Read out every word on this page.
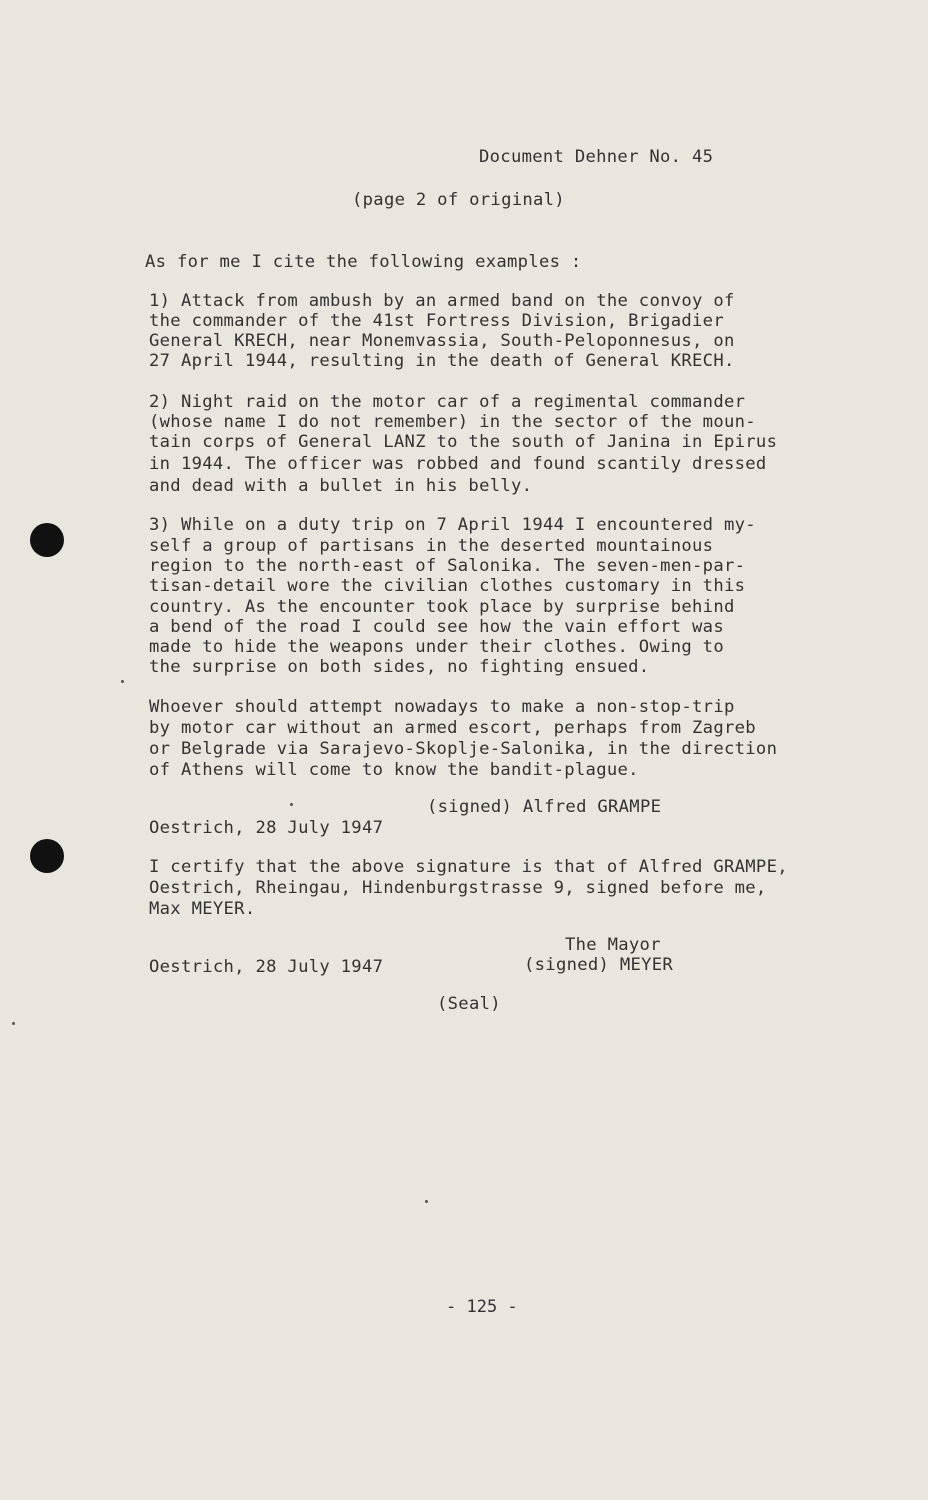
Document Dehner No. 45
(page 2 of original)
As for me I cite the following examples :
1) Attack from ambush by an armed band on the convoy of
the commander of the 41st Fortress Division, Brigadier
General KRECH, near Monemvassia, South-Peloponnesus, on
27 April 1944, resulting in the death of General KRECH.
2) Night raid on the motor car of a regimental commander
(whose name I do not remember) in the sector of the moun-
tain corps of General LANZ to the south of Janina in Epirus
in 1944. The officer was robbed and found scantily dressed
and dead with a bullet in his belly.
3) While on a duty trip on 7 April 1944 I encountered my-
self a group of partisans in the deserted mountainous
region to the north-east of Salonika. The seven-men-par-
tisan-detail wore the civilian clothes customary in this
country. As the encounter took place by surprise behind
a bend of the road I could see how the vain effort was
made to hide the weapons under their clothes. Owing to
the surprise on both sides, no fighting ensued.
Whoever should attempt nowadays to make a non-stop-trip
by motor car without an armed escort, perhaps from Zagreb
or Belgrade via Sarajevo-Skoplje-Salonika, in the direction
of Athens will come to know the bandit-plague.
(signed) Alfred GRAMPE
Oestrich, 28 July 1947
I certify that the above signature is that of Alfred GRAMPE,
Oestrich, Rheingau, Hindenburgstrasse 9, signed before me,
Max MEYER.
The Mayor
(signed) MEYER
Oestrich, 28 July 1947
(Seal)
- 125 -
